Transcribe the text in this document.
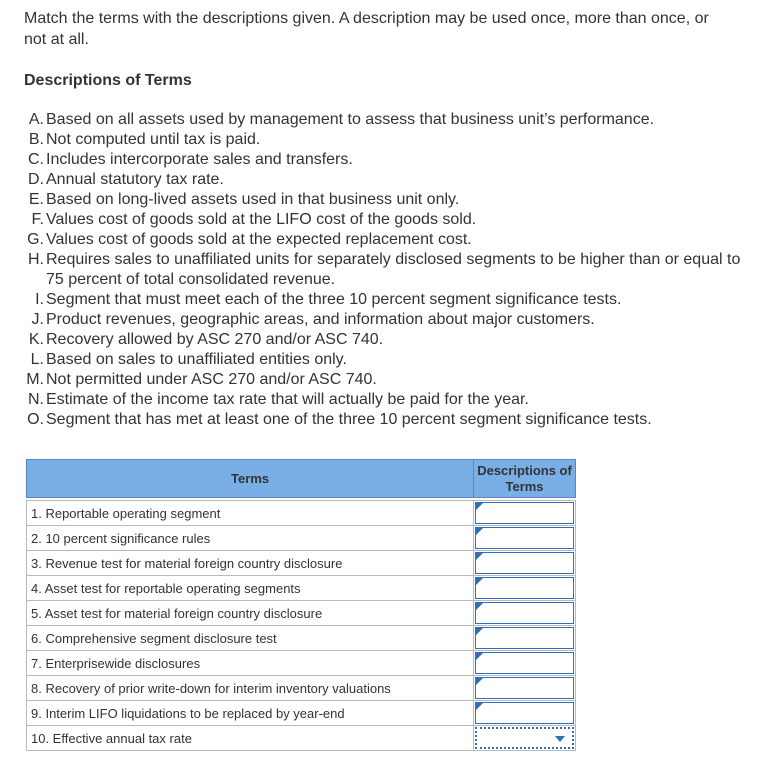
Match the terms with the descriptions given. A description may be used once, more than once, or not at all.

Descriptions of Terms
A. Based on all assets used by management to assess that business unit’s performance.
B. Not computed until tax is paid.
C. Includes intercorporate sales and transfers.
D. Annual statutory tax rate.
E. Based on long-lived assets used in that business unit only.
F. Values cost of goods sold at the LIFO cost of the goods sold.
G. Values cost of goods sold at the expected replacement cost.
H. Requires sales to unaffiliated units for separately disclosed segments to be higher than or equal to 75 percent of total consolidated revenue.
I. Segment that must meet each of the three 10 percent segment significance tests.
J. Product revenues, geographic areas, and information about major customers.
K. Recovery allowed by ASC 270 and/or ASC 740.
L. Based on sales to unaffiliated entities only.
M. Not permitted under ASC 270 and/or ASC 740.
N. Estimate of the income tax rate that will actually be paid for the year.
O. Segment that has met at least one of the three 10 percent segment significance tests.
Terms	Descriptions of Terms

1. Reportable operating segment	

2. 10 percent significance rules	

3. Revenue test for material foreign country disclosure	

4. Asset test for reportable operating segments	

5. Asset test for material foreign country disclosure	

6. Comprehensive segment disclosure test	

7. Enterprisewide disclosures	

8. Recovery of prior write-down for interim inventory valuations	

9. Interim LIFO liquidations to be replaced by year-end	

10. Effective annual tax rate	
